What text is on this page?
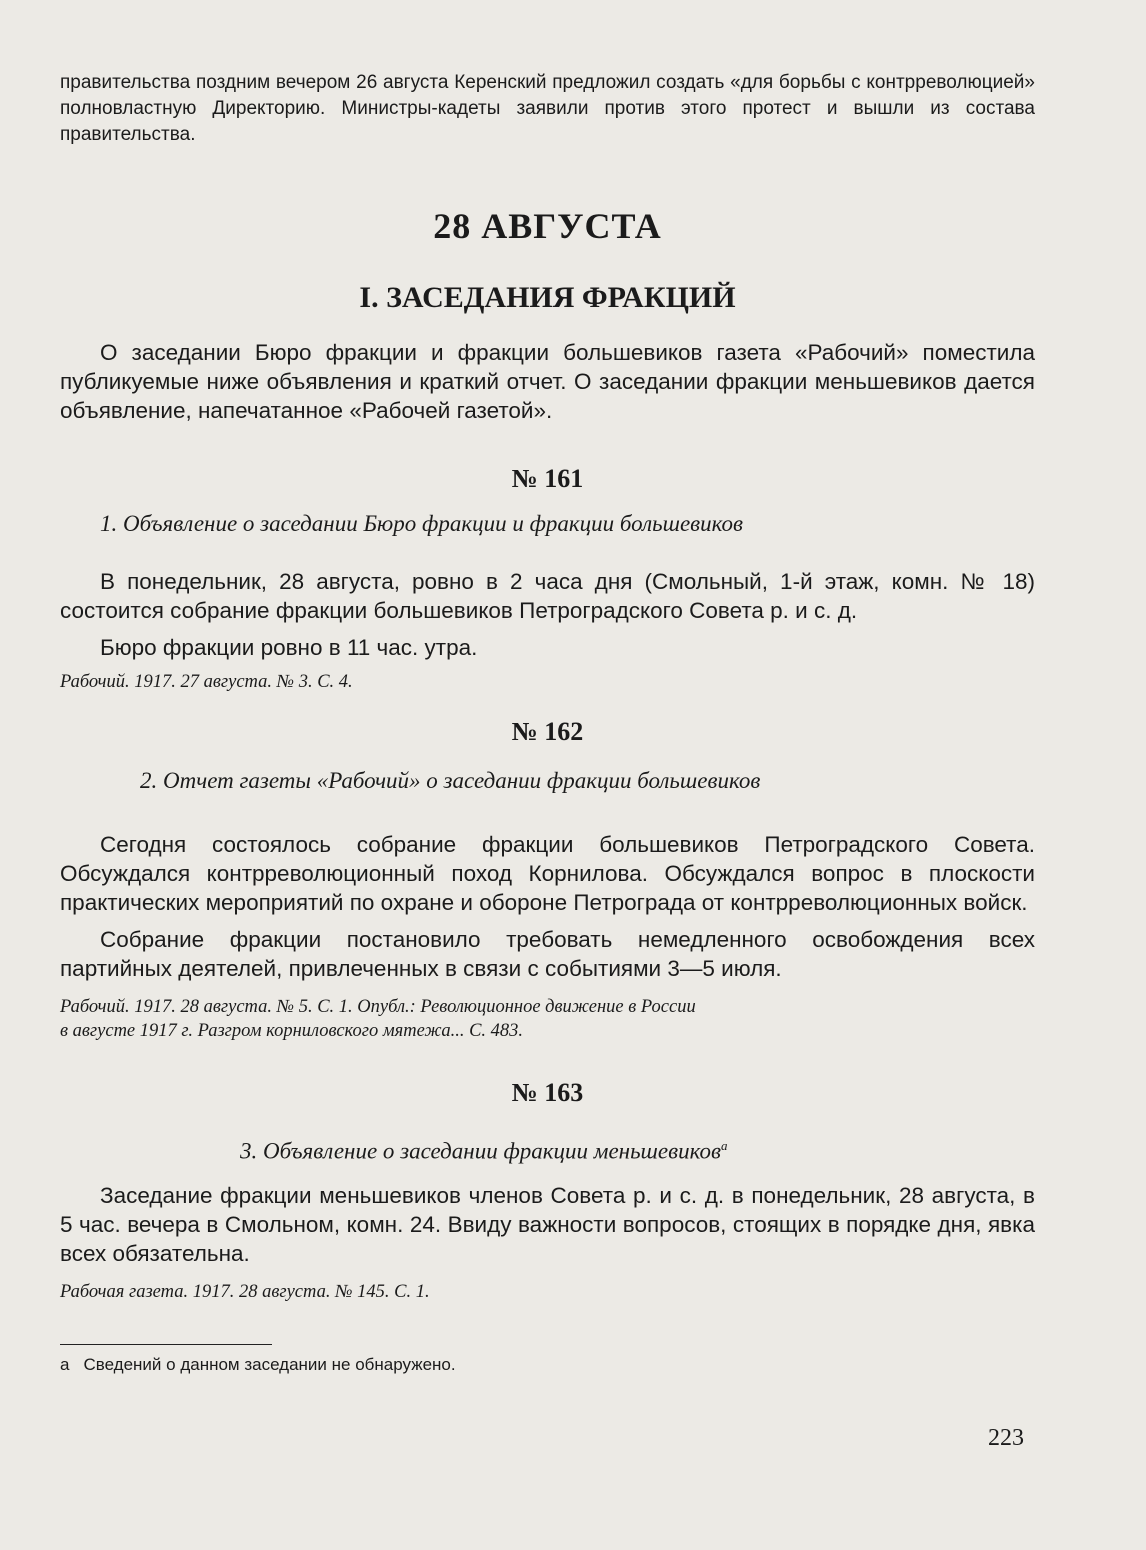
правительства поздним вечером 26 августа Керенский предложил создать «для борьбы с контрреволюцией» полновластную Директорию. Министры-кадеты заявили против этого протест и вышли из состава правительства.

28 АВГУСТА
I. ЗАСЕДАНИЯ ФРАКЦИЙ

О заседании Бюро фракции и фракции большевиков газета «Рабочий» поместила публикуемые ниже объявления и краткий отчет. О заседании фракции меньшевиков дается объявление, напечатанное «Рабочей газетой».

№ 161
1. Объявление о заседании Бюро фракции и фракции большевиков

В понедельник, 28 августа, ровно в 2 часа дня (Смольный, 1-й этаж, комн. № 18) состоится собрание фракции большевиков Петроградского Совета р. и с. д.

Бюро фракции ровно в 11 час. утра.

Рабочий. 1917. 27 августа. № 3. С. 4.
№ 162
2. Отчет газеты «Рабочий» о заседании фракции большевиков

Сегодня состоялось собрание фракции большевиков Петроградского Совета. Обсуждался контрреволюционный поход Корнилова. Обсуждался вопрос в плоскости практических мероприятий по охране и обороне Петрограда от контрреволюционных войск.

Собрание фракции постановило требовать немедленного освобождения всех партийных деятелей, привлеченных в связи с событиями 3—5 июля.

Рабочий. 1917. 28 августа. № 5. С. 1. Опубл.: Революционное движение в России
в августе 1917 г. Разгром корниловского мятежа... С. 483.
№ 163
3. Объявление о заседании фракции меньшевиков$^а$

Заседание фракции меньшевиков членов Совета р. и с. д. в понедельник, 28 августа, в 5 час. вечера в Смольном, комн. 24. Ввиду важности вопросов, стоящих в порядке дня, явка всех обязательна.

Рабочая газета. 1917. 28 августа. № 145. С. 1.
а Сведений о данном заседании не обнаружено.
223
